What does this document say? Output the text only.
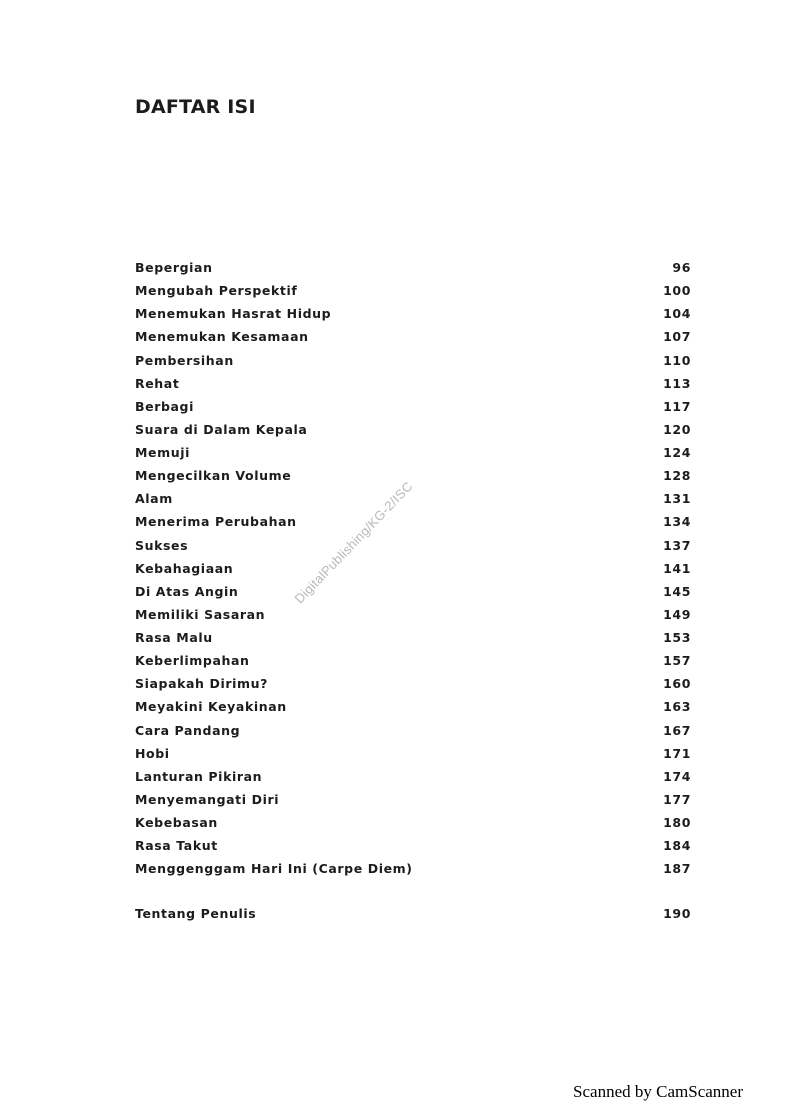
DAFTAR ISI
Bepergian	96
Mengubah Perspektif	100
Menemukan Hasrat Hidup	104
Menemukan Kesamaan	107
Pembersihan	110
Rehat	113
Berbagi	117
Suara di Dalam Kepala	120
Memuji	124
Mengecilkan Volume	128
Alam	131
Menerima Perubahan	134
Sukses	137
Kebahagiaan	141
Di Atas Angin	145
Memiliki Sasaran	149
Rasa Malu	153
Keberlimpahan	157
Siapakah Dirimu?	160
Meyakini Keyakinan	163
Cara Pandang	167
Hobi	171
Lanturan Pikiran	174
Menyemangati Diri	177
Kebebasan	180
Rasa Takut	184
Menggenggam Hari Ini (Carpe Diem)	187
Tentang Penulis	190
DigitalPublishing/KG-2/ISC
Scanned by CamScanner
